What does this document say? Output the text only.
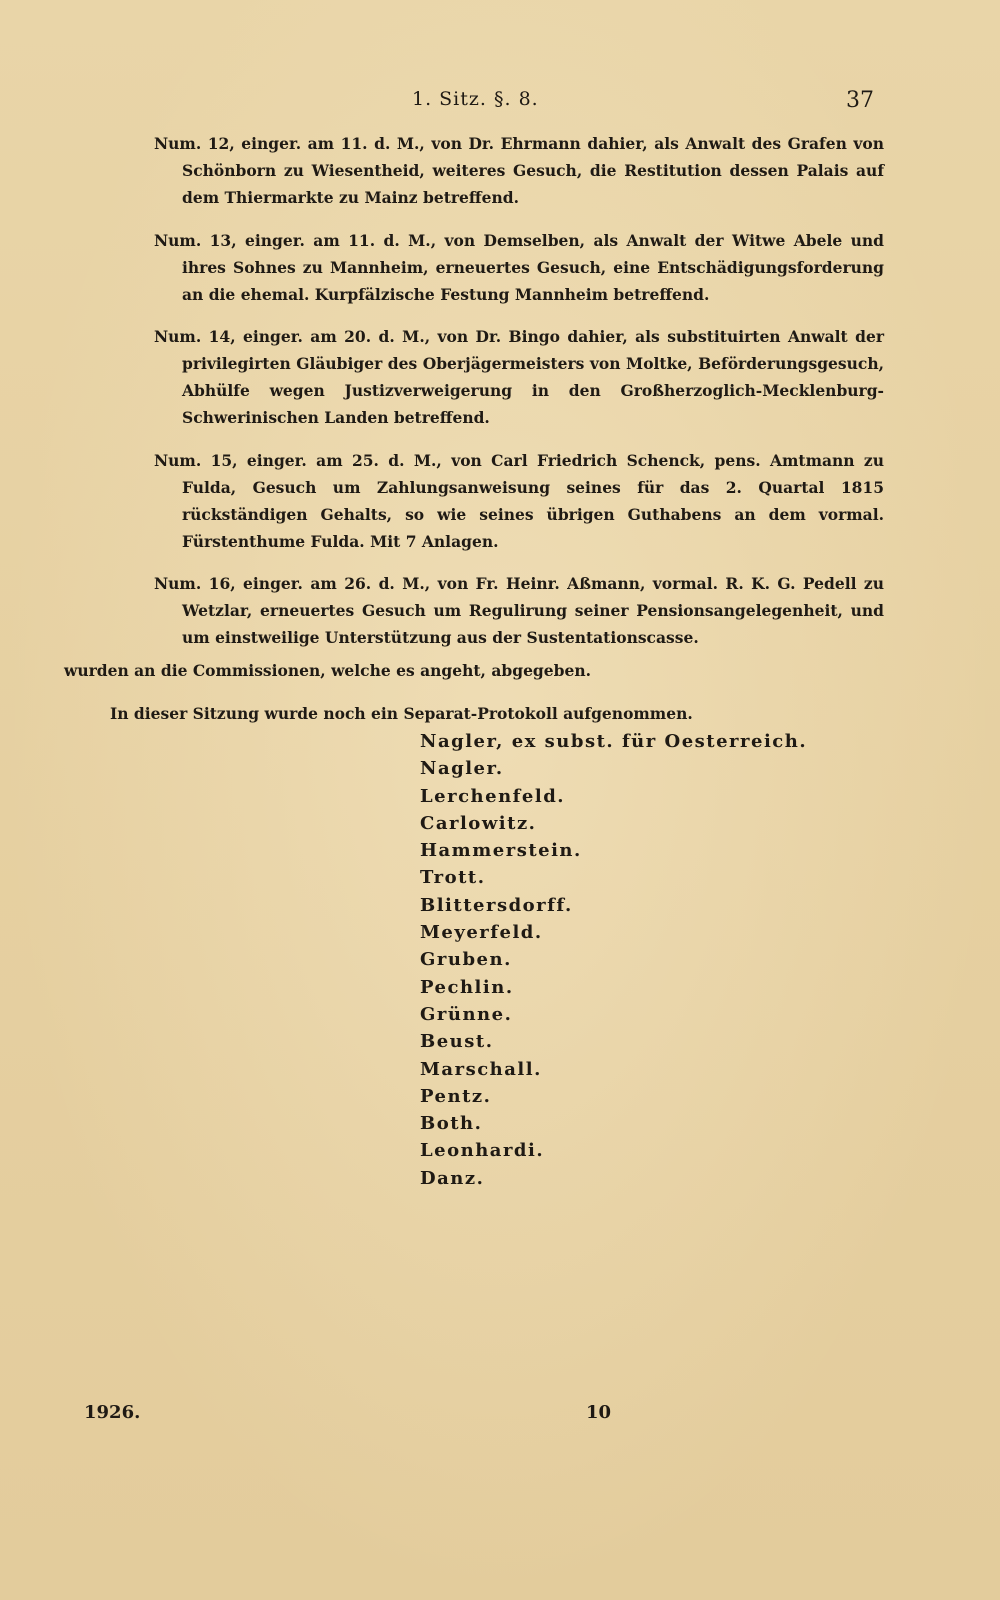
1. Sitz. §. 8.	37

Num. 12, einger. am 11. d. M., von Dr. Ehrmann dahier, als Anwalt des Grafen von Schönborn zu Wiesentheid, weiteres Gesuch, die Restitution dessen Palais auf dem Thiermarkte zu Mainz betreffend.

Num. 13, einger. am 11. d. M., von Demselben, als Anwalt der Witwe Abele und ihres Sohnes zu Mannheim, erneuertes Gesuch, eine Entschädigungsforderung an die ehemal. Kurpfälzische Festung Mannheim betreffend.

Num. 14, einger. am 20. d. M., von Dr. Bingo dahier, als substituirten Anwalt der privilegirten Gläubiger des Oberjägermeisters von Moltke, Beförderungsgesuch, Abhülfe wegen Justizverweigerung in den Großherzoglich-Mecklenburg-Schwerinischen Landen betreffend.

Num. 15, einger. am 25. d. M., von Carl Friedrich Schenck, pens. Amtmann zu Fulda, Gesuch um Zahlungsanweisung seines für das 2. Quartal 1815 rückständigen Gehalts, so wie seines übrigen Guthabens an dem vormal. Fürstenthume Fulda. Mit 7 Anlagen.

Num. 16, einger. am 26. d. M., von Fr. Heinr. Aßmann, vormal. R. K. G. Pedell zu Wetzlar, erneuertes Gesuch um Regulirung seiner Pensionsangelegenheit, und um einstweilige Unterstützung aus der Sustentationscasse.

wurden an die Commissionen, welche es angeht, abgegeben.

In dieser Sitzung wurde noch ein Separat-Protokoll aufgenommen.

Nagler, ex subst. für Oesterreich.
Nagler.
Lerchenfeld.
Carlowitz.
Hammerstein.
Trott.
Blittersdorff.
Meyerfeld.
Gruben.
Pechlin.
Grünne.
Beust.
Marschall.
Pentz.
Both.
Leonhardi.
Danz.
1926.	10
